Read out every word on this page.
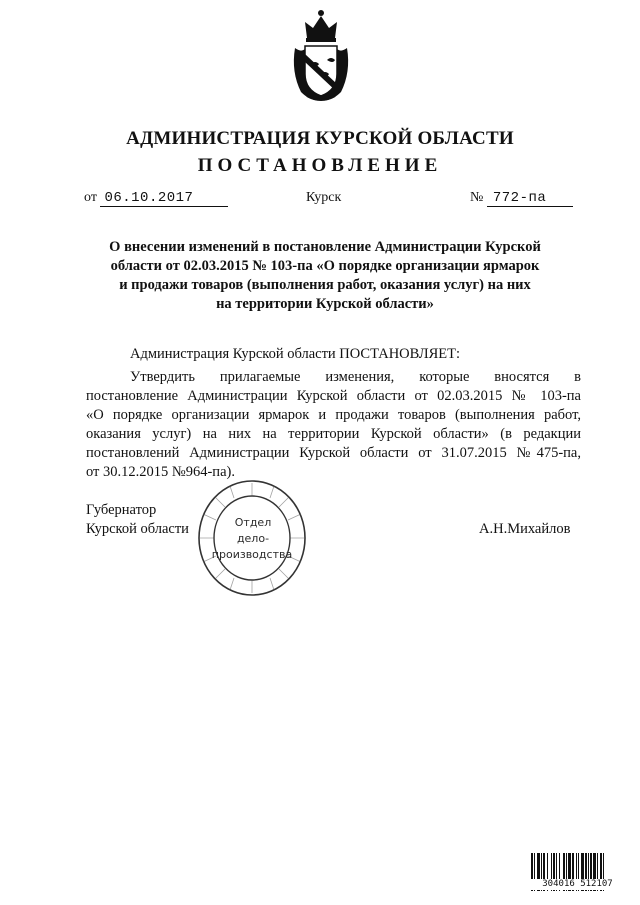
АДМИНИСТРАЦИЯ КУРСКОЙ ОБЛАСТИ
ПОСТАНОВЛЕНИЕ
от 06.10.2017	Курск	№ 772-па
О внесении изменений в постановление Администрации Курской
области от 02.03.2015 № 103-па «О порядке организации ярмарок
и продажи товаров (выполнения работ, оказания услуг) на них
на территории Курской области»
Администрация Курской области ПОСТАНОВЛЯЕТ:
Утвердить прилагаемые изменения, которые вносятся в
постановление Администрации Курской области от 02.03.2015 № 103-па
«О порядке организации ярмарок и продажи товаров (выполнения работ,
оказания услуг) на них на территории Курской области» (в редакции
постановлений Администрации Курской области от 31.07.2015 №475-па,
от 30.12.2015 №964-па).
Губернатор
Курской области	А.Н.Михайлов
Отдел
дело-
производства
304016 512107
